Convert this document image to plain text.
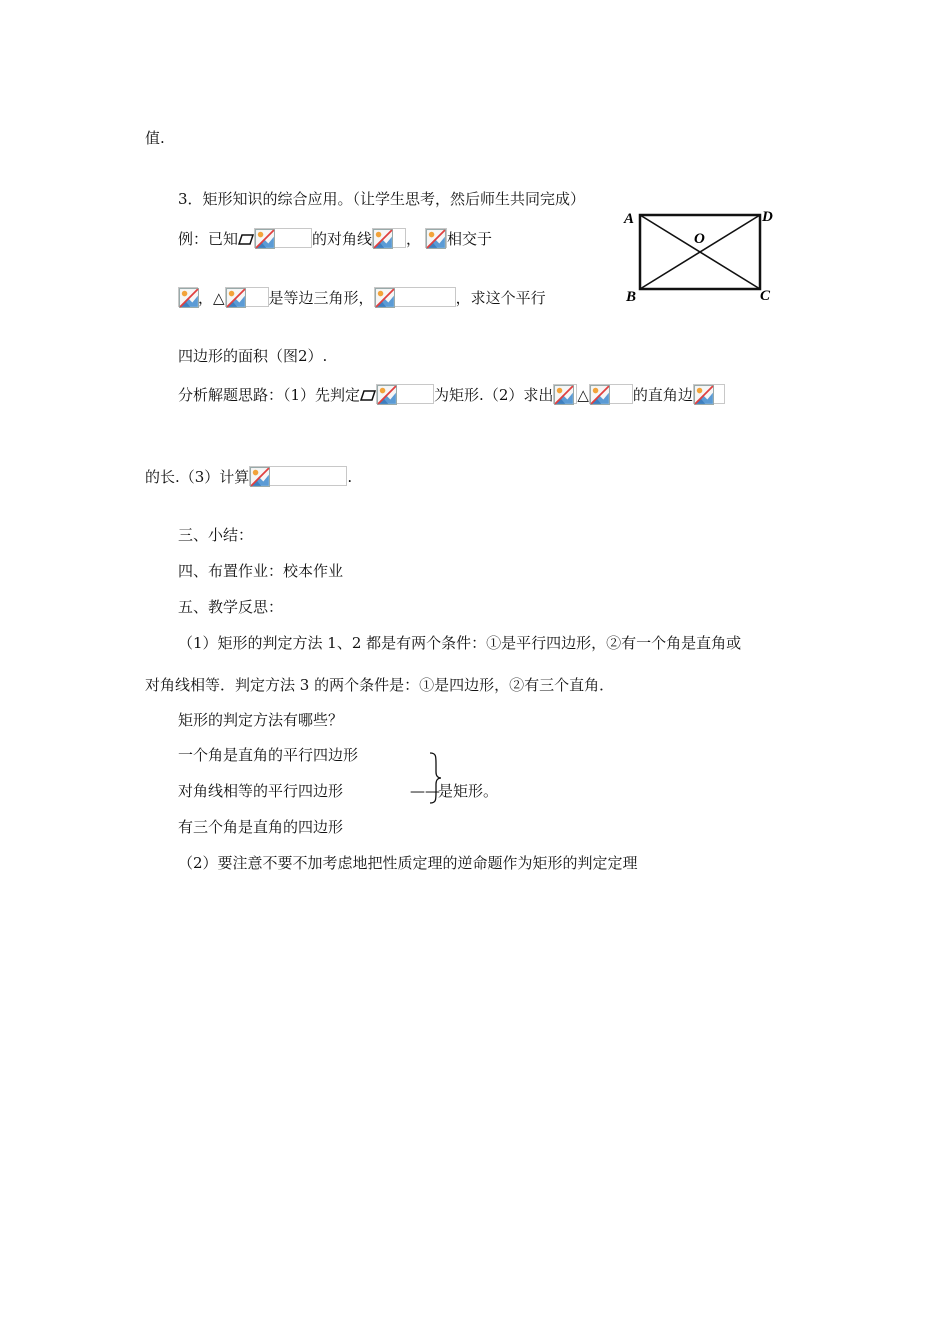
值.
3．矩形知识的综合应用。（让学生思考，然后师生共同完成）
例：已知	的对角线 ， 相交于
，△	是等边三角形，	，求这个平行
四边形的面积（图2）.
分析解题思路：（1）先判定	为矩形.（2）求出 △	的直角边
的长.（3）计算	.
三、小结：
四、布置作业：校本作业
五、教学反思：
（1）矩形的判定方法 1、2 都是有两个条件：①是平行四边形，②有一个角是直角或
对角线相等．判定方法 3 的两个条件是：①是四边形，②有三个直角．
矩形的判定方法有哪些？
一个角是直角的平行四边形
对角线相等的平行四边形	——
是矩形。
有三个角是直角的四边形
（2）要注意不要不加考虑地把性质定理的逆命题作为矩形的判定定理
A	D
B	C
O
